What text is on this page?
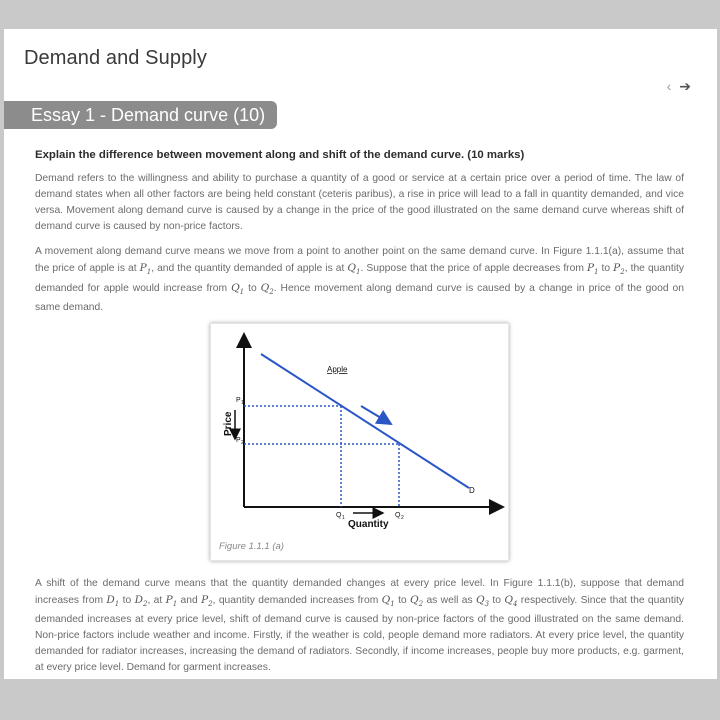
Demand and Supply
‹ ➔
Essay 1 - Demand curve (10)

Explain the difference between movement along and shift of the demand curve. (10 marks)

Demand refers to the willingness and ability to purchase a quantity of a good or service at a certain price over a period of time. The law of demand states when all other factors are being held constant (ceteris paribus), a rise in price will lead to a fall in quantity demanded, and vice versa. Movement along demand curve is caused by a change in the price of the good illustrated on the same demand curve whereas shift of demand curve is caused by non-price factors.

A movement along demand curve means we move from a point to another point on the same demand curve. In Figure 1.1.1(a), assume that the price of apple is at $P_1$, and the quantity demanded of apple is at $Q_1$. Suppose that the price of apple decreases from $P_1$ to $P_2$, the quantity demanded for apple would increase from $Q_1$ to $Q_2$. Hence movement along demand curve is caused by a change in price of the good on same demand.

Apple
D
Price
Quantity
P 1
P 2
Q 1	Q 2
Figure 1.1.1 (a)

A shift of the demand curve means that the quantity demanded changes at every price level. In Figure 1.1.1(b), suppose that demand increases from $D_1$ to $D_2$, at $P_1$ and $P_2$, quantity demanded increases from $Q_1$ to $Q_2$ as well as $Q_3$ to $Q_4$ respectively. Since that the quantity demanded increases at every price level, shift of demand curve is caused by non-price factors of the good illustrated on the same demand. Non-price factors include weather and income. Firstly, if the weather is cold, people demand more radiators. At every price level, the quantity demanded for radiator increases, increasing the demand of radiators. Secondly, if income increases, people buy more products, e.g. garment, at every price level. Demand for garment increases.
